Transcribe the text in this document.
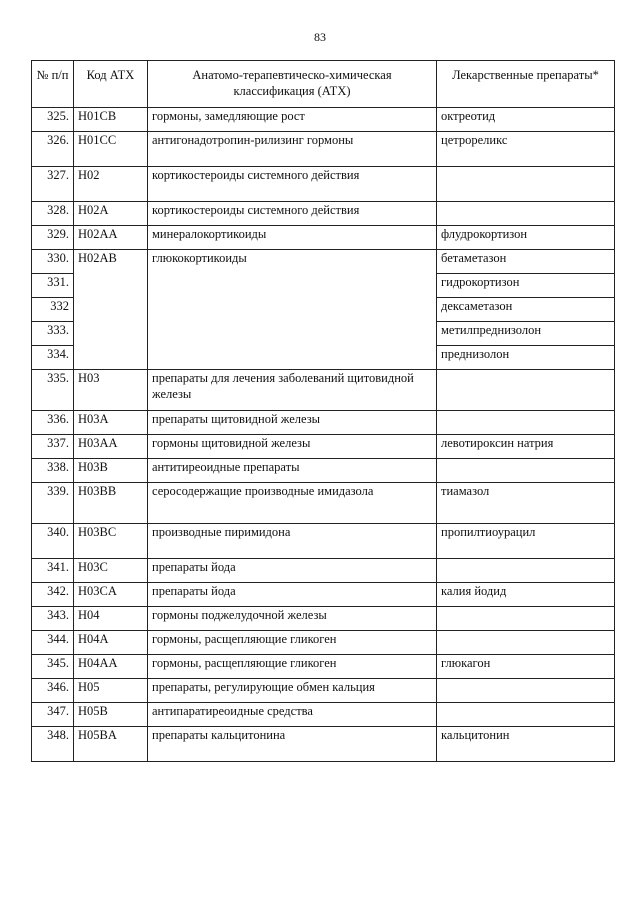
83
№ п/п	Код АТХ	Анатомо-терапевтическо-химическая классификация (АТХ)	Лекарственные препараты*
325.	H01CB	гормоны, замедляющие рост	октреотид
326.	H01CC	антигонадотропин-рилизинг гормоны	цетрореликс
327.	H02	кортикостероиды системного действия	
328.	H02A	кортикостероиды системного действия	
329.	H02AA	минералокортикоиды	флудрокортизон
330.	H02AB	глюкокортикоиды	бетаметазон
331.			гидрокортизон
332			дексаметазон
333.			метилпреднизолон
334.			преднизолон
335.	H03	препараты для лечения заболеваний щитовидной железы	
336.	H03A	препараты щитовидной железы	
337.	H03AA	гормоны щитовидной железы	левотироксин натрия
338.	H03B	антитиреоидные препараты	
339.	H03BB	серосодержащие производные имидазола	тиамазол
340.	H03BC	производные пиримидона	пропилтиоурацил
341.	H03C	препараты йода	
342.	H03CA	препараты йода	калия йодид
343.	H04	гормоны поджелудочной железы	
344.	H04A	гормоны, расщепляющие гликоген	
345.	H04AA	гормоны, расщепляющие гликоген	глюкагон
346.	H05	препараты, регулирующие обмен кальция	
347.	H05B	антипаратиреоидные средства	
348.	H05BA	препараты кальцитонина	кальцитонин
